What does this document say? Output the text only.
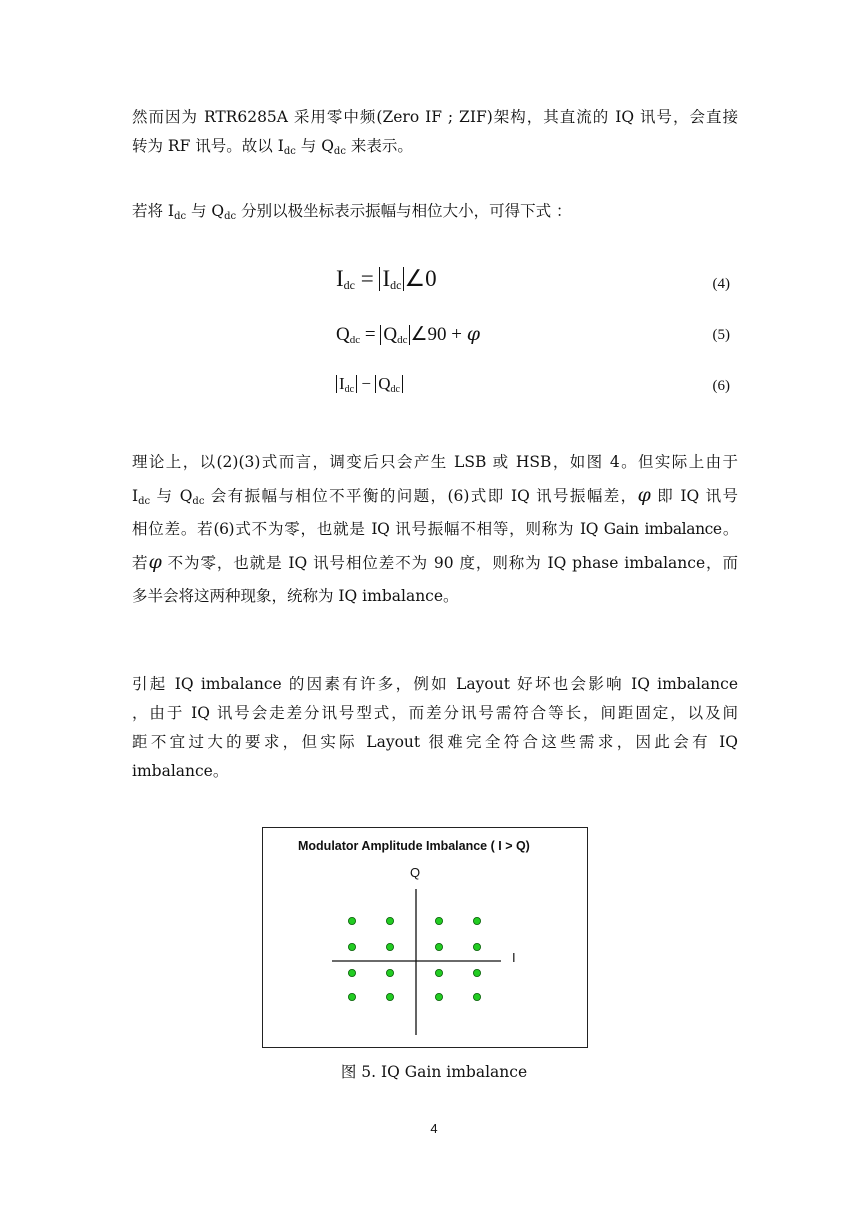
然而因为 RTR6285A 采用零中频(Zero IF ; ZIF)架构，其直流的 IQ 讯号，会直接
转为 RF 讯号。故以 $I_{dc}$ 与 $Q_{dc}$ 来表示。
若将 $I_{dc}$ 与 $Q_{dc}$ 分别以极坐标表示振幅与相位大小，可得下式 ：
$I_{dc} = I_{dc}$ ∠0	(4)
$Q_{dc} = Q_{dc}$ ∠90 + φ	(5)
$I_{dc} - Q_{dc}$	(6)
理论上，以(2)(3)式而言，调变后只会产生 LSB 或 HSB，如图 4。但实际上由于
$I_{dc}$ 与 $Q_{dc}$ 会有振幅与相位不平衡的问题，(6)式即 IQ 讯号振幅差，φ 即 IQ 讯号
相位差。若(6)式不为零，也就是 IQ 讯号振幅不相等，则称为 IQ Gain imbalance。
若φ 不为零，也就是 IQ 讯号相位差不为 90 度，则称为 IQ phase imbalance，而
多半会将这两种现象，统称为 IQ imbalance。
引起 IQ imbalance 的因素有许多，例如 Layout 好坏也会影响 IQ imbalance
，由于 IQ 讯号会走差分讯号型式，而差分讯号需符合等长，间距固定，以及间
距不宜过大的要求，但实际 Layout 很难完全符合这些需求，因此会有 IQ
imbalance。
Modulator Amplitude Imbalance ( I > Q)
Q
I
图 5. IQ Gain imbalance
4
